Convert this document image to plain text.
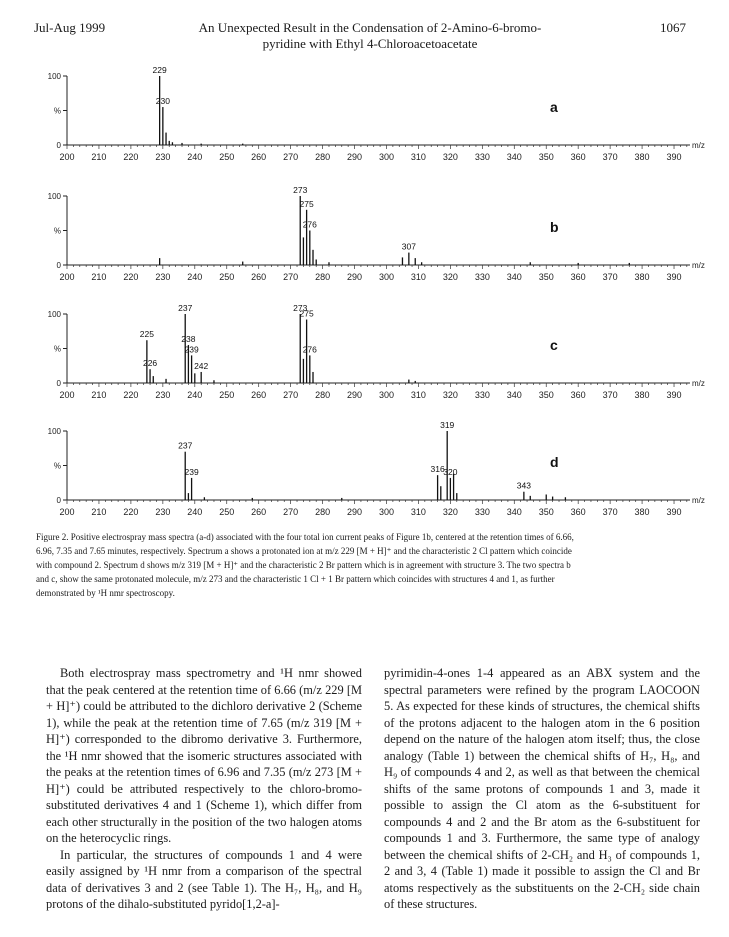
Jul-Aug 1999	An Unexpected Result in the Condensation of 2-Amino-6-bromo-
pyridine with Ethyl 4-Chloroacetoacetate
1067
100
%
0
200 210 220 230 240 250 260 270 280 290 300 310 320 330 340 350 360 370 380 390
m/z
a
229
230
100
%
0
200 210 220 230 240 250 260 270 280 290 300 310 320 330 340 350 360 370 380 390
m/z
b
273
275
276
307
100
%
0
200 210 220 230 240 250 260 270 280 290 300 310 320 330 340 350 360 370 380 390
m/z
c
225
226
237
238
239
242
273
275
276
100
%
0
200 210 220 230 240 250 260 270 280 290 300 310 320 330 340 350 360 370 380 390
m/z
d
237
239	316
319
320
343
Figure 2. Positive electrospray mass spectra (a-d) associated with the four total ion current peaks of Figure 1b, centered at the retention times of 6.66,
6.96, 7.35 and 7.65 minutes, respectively. Spectrum a shows a protonated ion at m/z 229 [M + H]⁺ and the characteristic 2 Cl pattern which coincide
with compound 2. Spectrum d shows m/z 319 [M + H]⁺ and the characteristic 2 Br pattern which is in agreement with structure 3. The two spectra b
and c, show the same protonated molecule, m/z 273 and the characteristic 1 Cl + 1 Br pattern which coincides with structures 4 and 1, as further
demonstrated by ¹H nmr spectroscopy.

Both electrospray mass spectrometry and ¹H nmr showed that the peak centered at the retention time of 6.66 (m/z 229 [M + H]⁺) could be attributed to the dichloro derivative 2 (Scheme 1), while the peak at the retention time of 7.65 (m/z 319 [M + H]⁺) corresponded to the dibromo derivative 3. Furthermore, the ¹H nmr showed that the isomeric structures associated with the peaks at the retention times of 6.96 and 7.35 (m/z 273 [M + H]⁺) could be attributed respectively to the chloro-bromo-substituted derivatives 4 and 1 (Scheme 1), which differ from each other structurally in the position of the two halogen atoms on the heterocyclic rings.

In particular, the structures of compounds 1 and 4 were easily assigned by ¹H nmr from a comparison of the spectral data of derivatives 3 and 2 (see Table 1). The H₇, H₈, and H₉ protons of the dihalo-substituted pyrido[1,2-a]-

pyrimidin-4-ones 1-4 appeared as an ABX system and the spectral parameters were refined by the program LAOCOON 5. As expected for these kinds of structures, the chemical shifts of the protons adjacent to the halogen atom in the 6 position depend on the nature of the halogen atom itself; thus, the close analogy (Table 1) between the chemical shifts of H₇, H₈, and H₉ of compounds 4 and 2, as well as that between the chemical shifts of the same protons of compounds 1 and 3, made it possible to assign the Cl atom as the 6-substituent for compounds 4 and 2 and the Br atom as the 6-substituent for compounds 1 and 3. Furthermore, the same type of analogy between the chemical shifts of 2-CH₂ and H₃ of compounds 1, 2 and 3, 4 (Table 1) made it possible to assign the Cl and Br atoms respectively as the substituents on the 2-CH₂ side chain of these structures.
